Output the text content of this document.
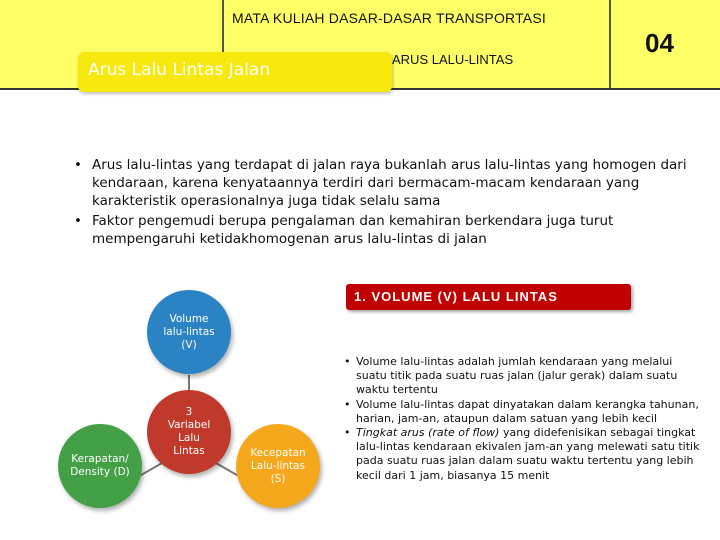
MATA KULIAH DASAR-DASAR TRANSPORTASI
ARUS LALU-LINTAS
04
Arus Lalu Lintas Jalan
• Arus lalu-lintas yang terdapat di jalan raya bukanlah arus lalu-lintas yang homogen dari kendaraan, karena kenyataannya terdiri dari bermacam-macam kendaraan yang karakteristik operasionalnya juga tidak selalu sama
• Faktor pengemudi berupa pengalaman dan kemahiran berkendara juga turut mempengaruhi ketidakhomogenan arus lalu-lintas di jalan
1. VOLUME (V) LALU LINTAS
Volume lalu-lintas (V)
3 Variabel Lalu Lintas
Kerapatan/ Density (D)
Kecepatan Lalu-lintas (S)
• Volume lalu-lintas adalah jumlah kendaraan yang melalui suatu titik pada suatu ruas jalan (jalur gerak) dalam suatu waktu tertentu
• Volume lalu-lintas dapat dinyatakan dalam kerangka tahunan, harian, jam-an, ataupun dalam satuan yang lebih kecil
• Tingkat arus (rate of flow) yang didefenisikan sebagai tingkat lalu-lintas kendaraan ekivalen jam-an yang melewati satu titik pada suatu ruas jalan dalam suatu waktu tertentu yang lebih kecil dari 1 jam, biasanya 15 menit
